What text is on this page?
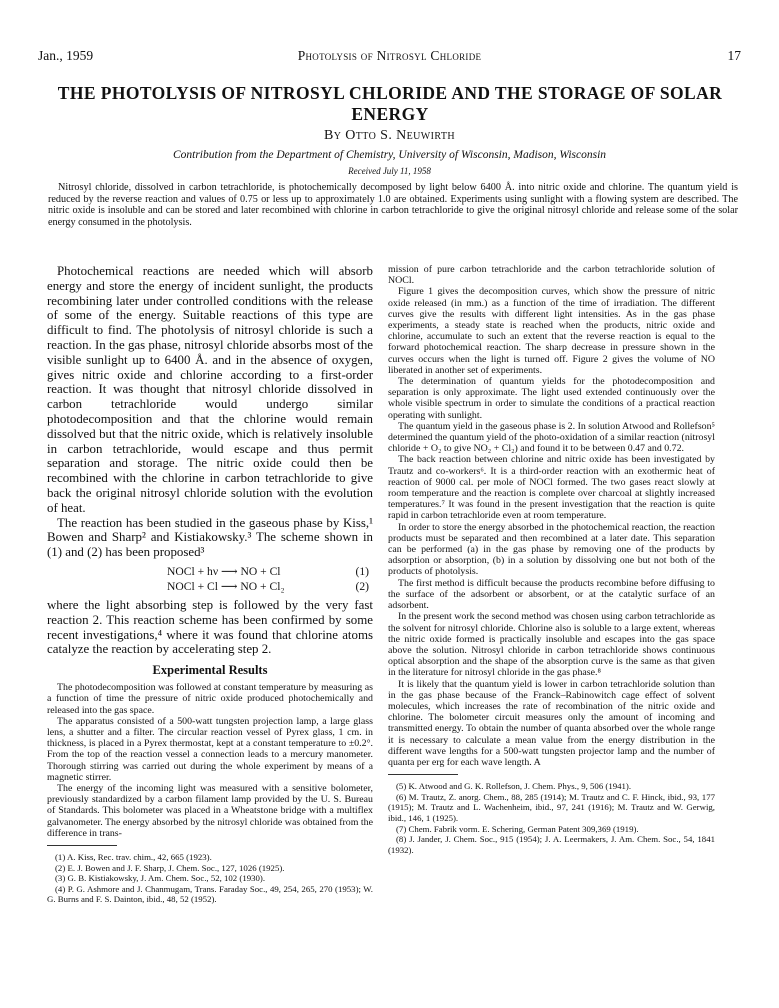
Jan., 1959	Photolysis of Nitrosyl Chloride	17
THE PHOTOLYSIS OF NITROSYL CHLORIDE AND THE STORAGE OF SOLAR ENERGY
By Otto S. Neuwirth
Contribution from the Department of Chemistry, University of Wisconsin, Madison, Wisconsin
Received July 11, 1958
Nitrosyl chloride, dissolved in carbon tetrachloride, is photochemically decomposed by light below 6400 Å. into nitric oxide and chlorine. The quantum yield is reduced by the reverse reaction and values of 0.75 or less up to approximately 1.0 are obtained. Experiments using sunlight with a flowing system are described. The nitric oxide is insoluble and can be stored and later recombined with chlorine in carbon tetrachloride to give the original nitrosyl chloride and release some of the solar energy consumed in the photolysis.

Photochemical reactions are needed which will absorb energy and store the energy of incident sunlight, the products recombining later under controlled conditions with the release of some of the energy. Suitable reactions of this type are difficult to find. The photolysis of nitrosyl chloride is such a reaction. In the gas phase, nitrosyl chloride absorbs most of the visible sunlight up to 6400 Å. and in the absence of oxygen, gives nitric oxide and chlorine according to a first-order reaction. It was thought that nitrosyl chloride dissolved in carbon tetrachloride would undergo similar photodecomposition and that the chlorine would remain dissolved but that the nitric oxide, which is relatively insoluble in carbon tetrachloride, would escape and thus permit separation and storage. The nitric oxide could then be recombined with the chlorine in carbon tetrachloride to give back the original nitrosyl chloride solution with the evolution of heat.

The reaction has been studied in the gaseous phase by Kiss,¹ Bowen and Sharp² and Kistiakowsky.³ The scheme shown in (1) and (2) has been proposed³

NOCl + hν ⟶ NO + Cl	(1)
NOCl + Cl ⟶ NO + Cl₂	(2)

where the light absorbing step is followed by the very fast reaction 2. This reaction scheme has been confirmed by some recent investigations,⁴ where it was found that chlorine atoms catalyze the reaction by accelerating step 2.

Experimental Results

The photodecomposition was followed at constant temperature by measuring as a function of time the pressure of nitric oxide produced photochemically and released into the gas space.

The apparatus consisted of a 500-watt tungsten projection lamp, a large glass lens, a shutter and a filter. The circular reaction vessel of Pyrex glass, 1 cm. in thickness, is placed in a Pyrex thermostat, kept at a constant temperature to ±0.2°. From the top of the reaction vessel a connection leads to a mercury manometer. Thorough stirring was carried out during the whole experiment by means of a magnetic stirrer.

The energy of the incoming light was measured with a sensitive bolometer, previously standardized by a carbon filament lamp provided by the U. S. Bureau of Standards. This bolometer was placed in a Wheatstone bridge with a multiflex galvanometer. The energy absorbed by the nitrosyl chloride was obtained from the difference in trans-

(1) A. Kiss, Rec. trav. chim., 42, 665 (1923).
(2) E. J. Bowen and J. F. Sharp, J. Chem. Soc., 127, 1026 (1925).
(3) G. B. Kistiakowsky, J. Am. Chem. Soc., 52, 102 (1930).
(4) P. G. Ashmore and J. Chanmugam, Trans. Faraday Soc., 49, 254, 265, 270 (1953); W. G. Burns and F. S. Dainton, ibid., 48, 52 (1952).

mission of pure carbon tetrachloride and the carbon tetrachloride solution of NOCl.

Figure 1 gives the decomposition curves, which show the pressure of nitric oxide released (in mm.) as a function of the time of irradiation. The different curves give the results with different light intensities. As in the gas phase experiments, a steady state is reached when the products, nitric oxide and chlorine, accumulate to such an extent that the reverse reaction is equal to the forward photochemical reaction. The sharp decrease in pressure shown in the curves occurs when the light is turned off. Figure 2 gives the volume of NO liberated in another set of experiments.

The determination of quantum yields for the photodecomposition and separation is only approximate. The light used extended continuously over the whole visible spectrum in order to simulate the conditions of a practical reaction operating with sunlight.

The quantum yield in the gaseous phase is 2. In solution Atwood and Rollefson⁵ determined the quantum yield of the photo-oxidation of a similar reaction (nitrosyl chloride + O₂ to give NO₂ + Cl₂) and found it to be between 0.47 and 0.72.

The back reaction between chlorine and nitric oxide has been investigated by Trautz and co-workers⁶. It is a third-order reaction with an exothermic heat of reaction of 9000 cal. per mole of NOCl formed. The two gases react slowly at room temperature and the reaction is complete over charcoal at slightly increased temperatures.⁷ It was found in the present investigation that the reaction is quite rapid in carbon tetrachloride even at room temperature.

In order to store the energy absorbed in the photochemical reaction, the reaction products must be separated and then recombined at a later date. This separation can be performed (a) in the gas phase by removing one of the products by adsorption or absorption, (b) in a solution by dissolving one but not both of the products of photolysis.

The first method is difficult because the products recombine before diffusing to the surface of the adsorbent or absorbent, or at the catalytic surface of an adsorbent.

In the present work the second method was chosen using carbon tetrachloride as the solvent for nitrosyl chloride. Chlorine also is soluble to a large extent, whereas the nitric oxide formed is practically insoluble and escapes into the gas space above the solution. Nitrosyl chloride in carbon tetrachloride shows continuous optical absorption and the shape of the absorption curve is the same as that given in the literature for nitrosyl chloride in the gas phase.⁸

It is likely that the quantum yield is lower in carbon tetrachloride solution than in the gas phase because of the Franck–Rabinowitch cage effect of solvent molecules, which increases the rate of recombination of the nitric oxide and chlorine. The bolometer circuit measures only the amount of incoming and transmitted energy. To obtain the number of quanta absorbed over the whole range it is necessary to calculate a mean value from the energy distribution in the different wave lengths for a 500-watt tungsten projector lamp and the number of quanta per erg for each wave length. A

(5) K. Atwood and G. K. Rollefson, J. Chem. Phys., 9, 506 (1941).
(6) M. Trautz, Z. anorg. Chem., 88, 285 (1914); M. Trautz and C. F. Hinck, ibid., 93, 177 (1915); M. Trautz and L. Wachenheim, ibid., 97, 241 (1916); M. Trautz and W. Gerwig, ibid., 146, 1 (1925).
(7) Chem. Fabrik vorm. E. Schering, German Patent 309,369 (1919).
(8) J. Jander, J. Chem. Soc., 915 (1954); J. A. Leermakers, J. Am. Chem. Soc., 54, 1841 (1932).
